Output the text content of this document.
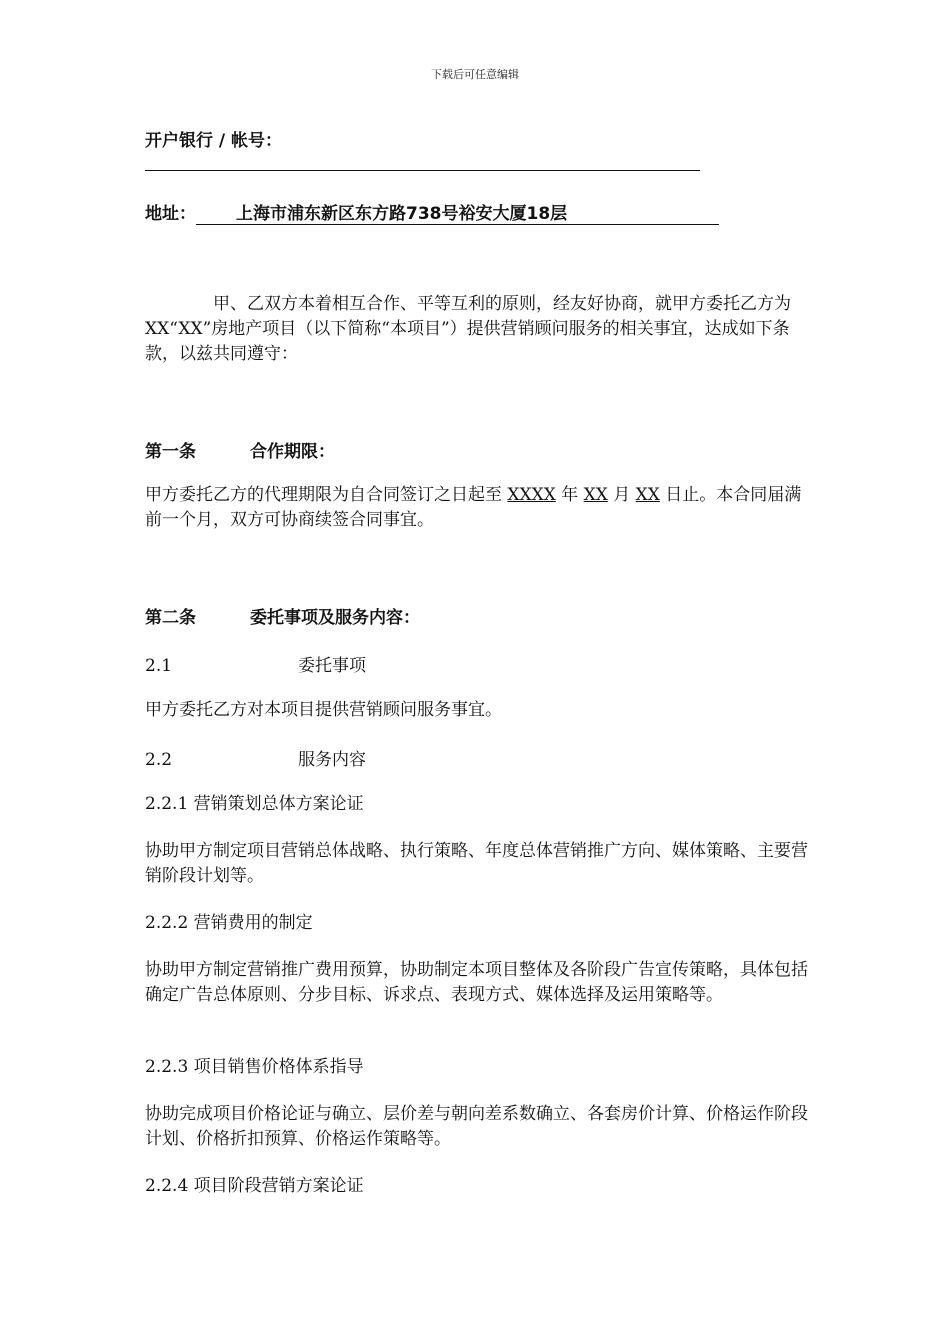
下载后可任意编辑
开户银行 / 帐号：
地址： 上海市浦东新区东方路738号裕安大厦18层
甲、乙双方本着相互合作、平等互利的原则，经友好协商，就甲方委托乙方为XX“XX”房地产项目（以下简称“本项目”）提供营销顾问服务的相关事宜，达成如下条款，以兹共同遵守：
第一条	合作期限：
甲方委托乙方的代理期限为自合同签订之日起至 XXXX 年 XX 月 XX 日止。本合同届满前一个月，双方可协商续签合同事宜。
第二条	委托事项及服务内容：
2.1	委托事项
甲方委托乙方对本项目提供营销顾问服务事宜。
2.2	服务内容
2.2.1 营销策划总体方案论证
协助甲方制定项目营销总体战略、执行策略、年度总体营销推广方向、媒体策略、主要营销阶段计划等。
2.2.2 营销费用的制定
协助甲方制定营销推广费用预算，协助制定本项目整体及各阶段广告宣传策略，具体包括确定广告总体原则、分步目标、诉求点、表现方式、媒体选择及运用策略等。
2.2.3 项目销售价格体系指导
协助完成项目价格论证与确立、层价差与朝向差系数确立、各套房价计算、价格运作阶段计划、价格折扣预算、价格运作策略等。
2.2.4 项目阶段营销方案论证
